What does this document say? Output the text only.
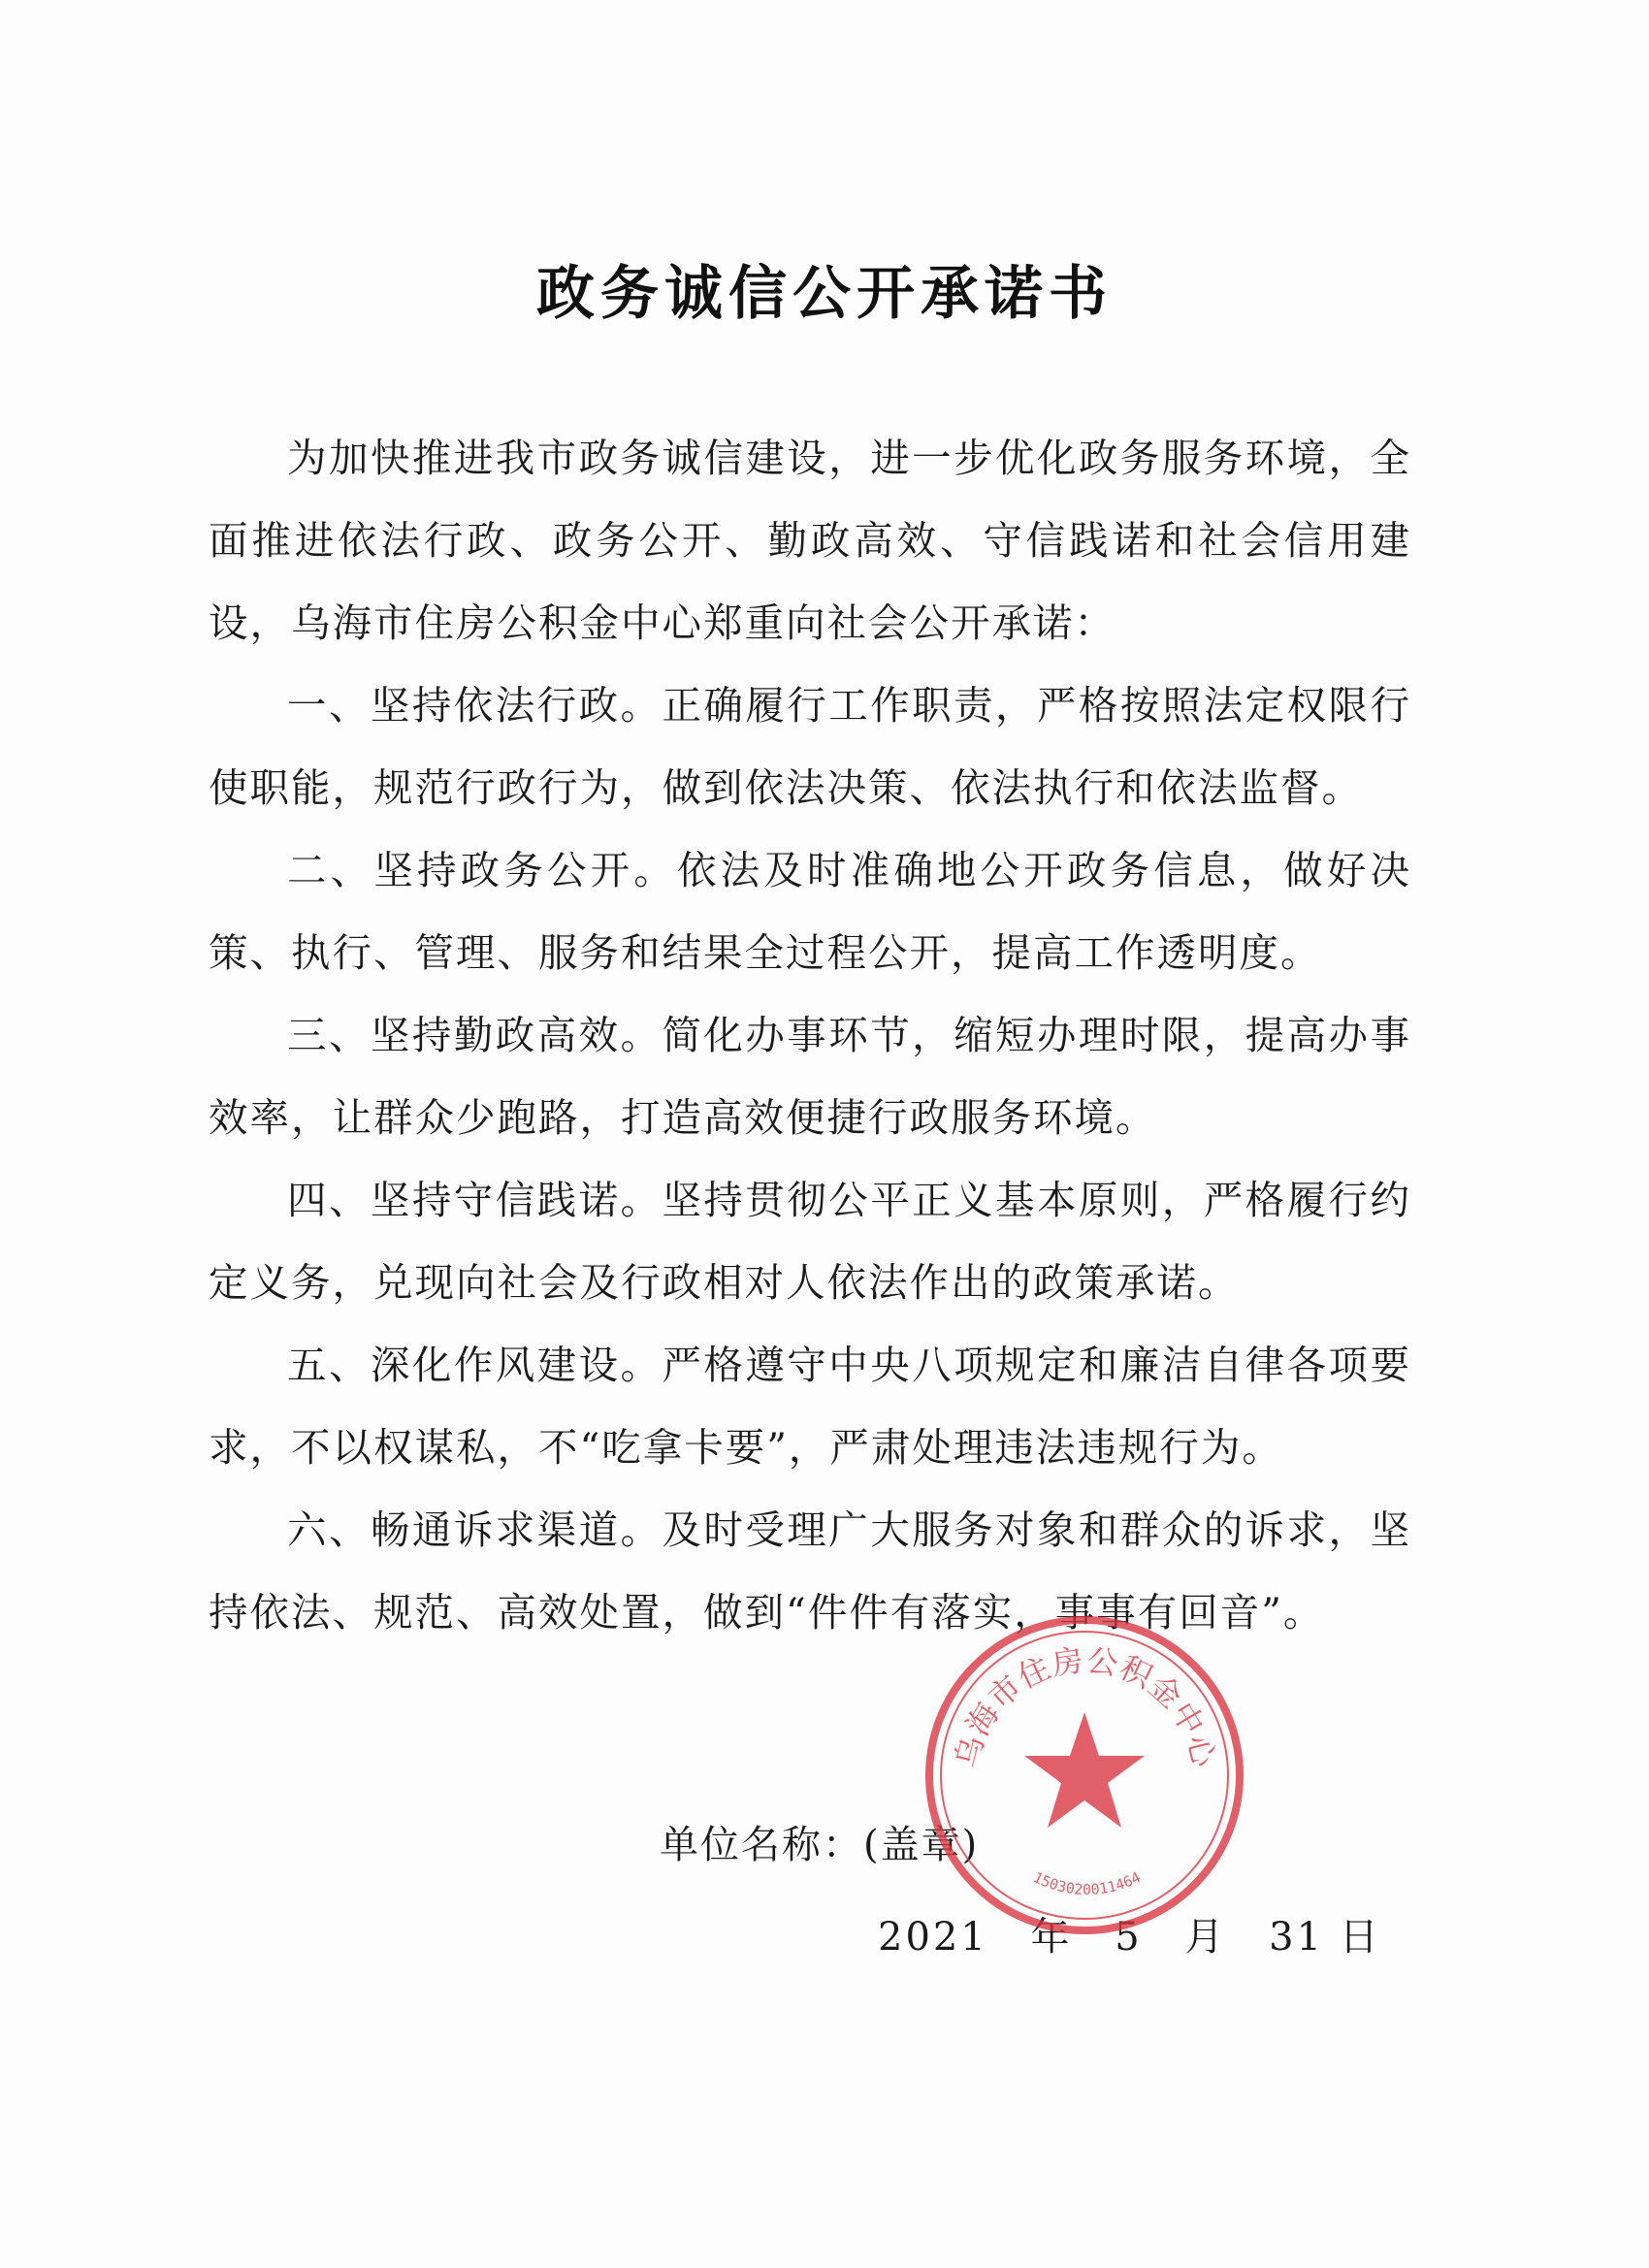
政务诚信公开承诺书

为加快推进我市政务诚信建设，进一步优化政务服务环境，全面推进依法行政、政务公开、勤政高效、守信践诺和社会信用建设，乌海市住房公积金中心郑重向社会公开承诺：

一、坚持依法行政。正确履行工作职责，严格按照法定权限行使职能，规范行政行为，做到依法决策、依法执行和依法监督。

二、坚持政务公开。依法及时准确地公开政务信息，做好决策、执行、管理、服务和结果全过程公开，提高工作透明度。

三、坚持勤政高效。简化办事环节，缩短办理时限，提高办事效率，让群众少跑路，打造高效便捷行政服务环境。

四、坚持守信践诺。坚持贯彻公平正义基本原则，严格履行约定义务，兑现向社会及行政相对人依法作出的政策承诺。

五、深化作风建设。严格遵守中央八项规定和廉洁自律各项要求，不以权谋私，不“吃拿卡要”，严肃处理违法违规行为。

六、畅通诉求渠道。及时受理广大服务对象和群众的诉求，坚持依法、规范、高效处置，做到“件件有落实，事事有回音”。

单位名称：(盖章)
2021 年 5 月 31 日
乌海市住房公积金中心
1503020011464
